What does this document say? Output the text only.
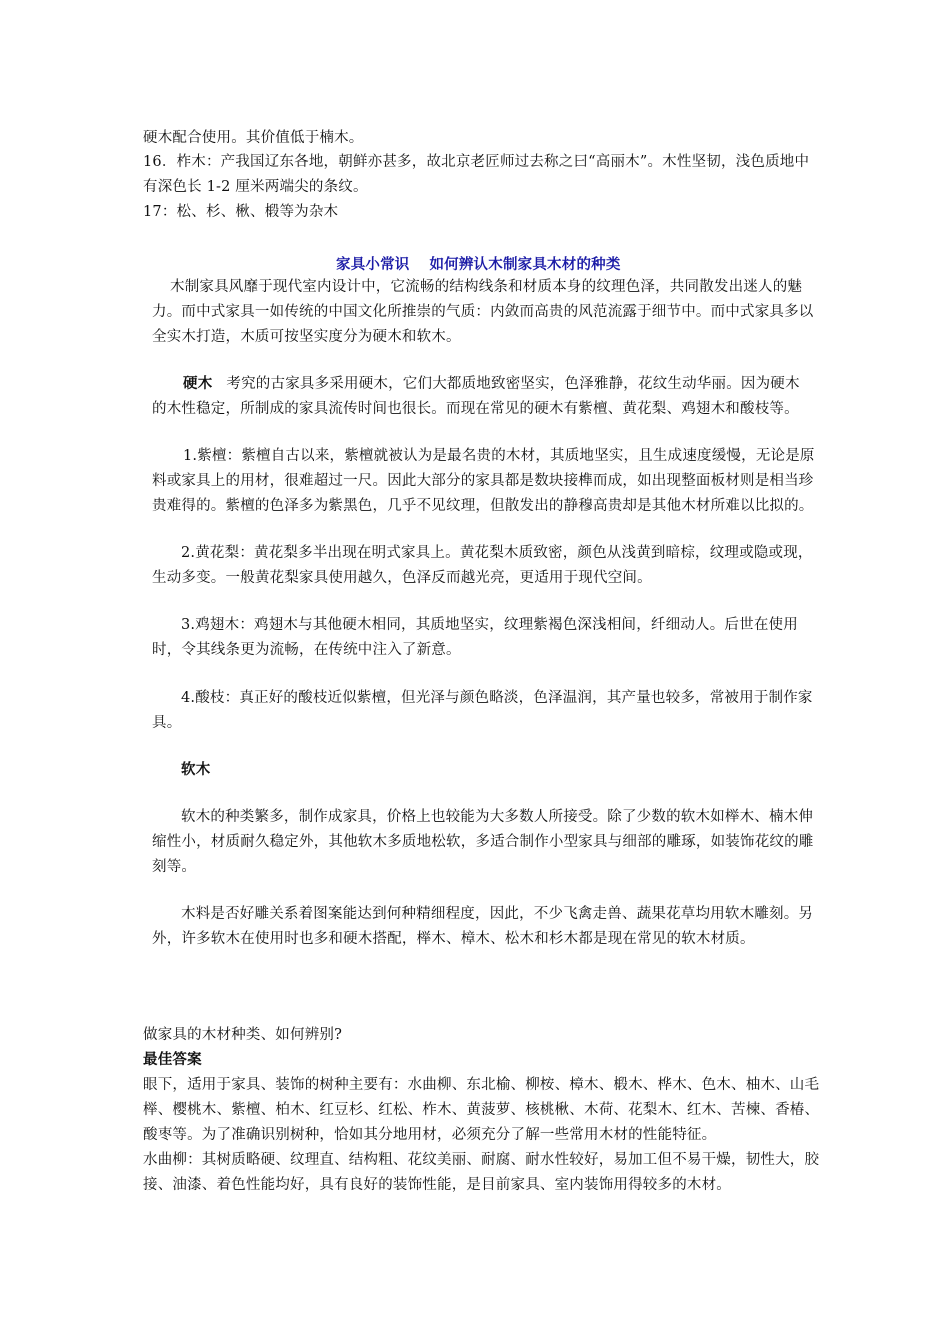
硬木配合使用。其价值低于楠木。
16．柞木：产我国辽东各地，朝鲜亦甚多，故北京老匠师过去称之曰“高丽木”。木性坚韧，浅色质地中
有深色长 1-2 厘米两端尖的条纹。
17：松、杉、楸、椴等为杂木
家具小常识　 如何辨认木制家具木材的种类
木制家具风靡于现代室内设计中，它流畅的结构线条和材质本身的纹理色泽，共同散发出迷人的魅
力。而中式家具一如传统的中国文化所推崇的气质：内敛而高贵的风范流露于细节中。而中式家具多以
全实木打造，木质可按坚实度分为硬木和软木。
硬木 考究的古家具多采用硬木，它们大都质地致密坚实，色泽雅静，花纹生动华丽。因为硬木
的木性稳定，所制成的家具流传时间也很长。而现在常见的硬木有紫檀、黄花梨、鸡翅木和酸枝等。
1.紫檀：紫檀自古以来，紫檀就被认为是最名贵的木材，其质地坚实，且生成速度缓慢，无论是原
料或家具上的用材，很难超过一尺。因此大部分的家具都是数块接榫而成，如出现整面板材则是相当珍
贵难得的。紫檀的色泽多为紫黑色，几乎不见纹理，但散发出的静穆高贵却是其他木材所难以比拟的。
2.黄花梨：黄花梨多半出现在明式家具上。黄花梨木质致密，颜色从浅黄到暗棕，纹理或隐或现，
生动多变。一般黄花梨家具使用越久，色泽反而越光亮，更适用于现代空间。
3.鸡翅木：鸡翅木与其他硬木相同，其质地坚实，纹理紫褐色深浅相间，纤细动人。后世在使用
时，令其线条更为流畅，在传统中注入了新意。
4.酸枝：真正好的酸枝近似紫檀，但光泽与颜色略淡，色泽温润，其产量也较多，常被用于制作家
具。
软木
软木的种类繁多，制作成家具，价格上也较能为大多数人所接受。除了少数的软木如榉木、楠木伸
缩性小，材质耐久稳定外，其他软木多质地松软，多适合制作小型家具与细部的雕琢，如装饰花纹的雕
刻等。
木料是否好雕关系着图案能达到何种精细程度，因此，不少飞禽走兽、蔬果花草均用软木雕刻。另
外，许多软木在使用时也多和硬木搭配，榉木、樟木、松木和杉木都是现在常见的软木材质。
做家具的木材种类、如何辨别?
最佳答案
眼下，适用于家具、装饰的树种主要有：水曲柳、东北榆、柳桉、樟木、椴木、桦木、色木、柚木、山毛
榉、樱桃木、紫檀、柏木、红豆杉、红松、柞木、黄菠萝、核桃楸、木荷、花梨木、红木、苦楝、香椿、
酸枣等。为了准确识别树种，恰如其分地用材，必须充分了解一些常用木材的性能特征。
水曲柳：其树质略硬、纹理直、结构粗、花纹美丽、耐腐、耐水性较好，易加工但不易干燥，韧性大，胶
接、油漆、着色性能均好，具有良好的装饰性能，是目前家具、室内装饰用得较多的木材。
